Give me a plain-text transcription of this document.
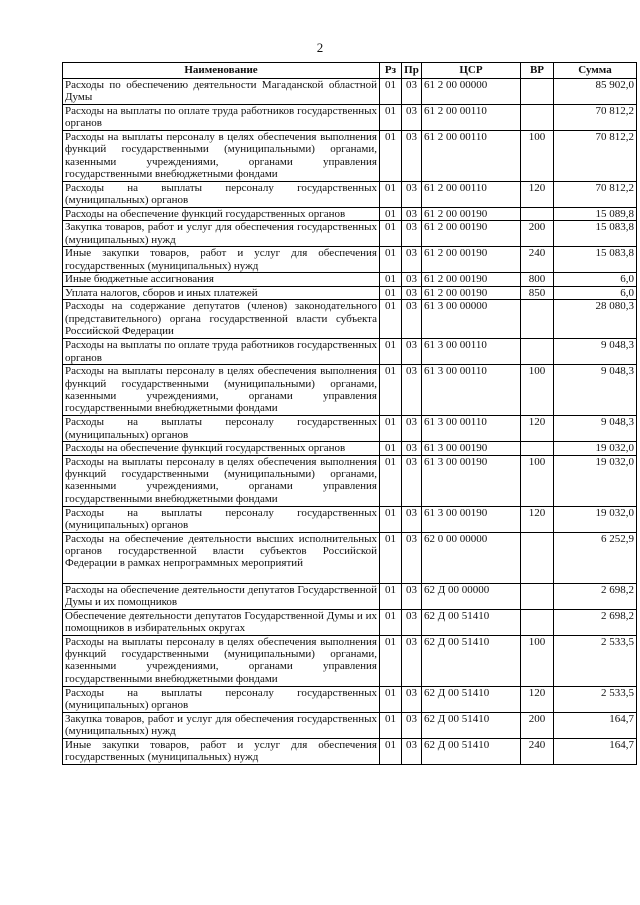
2
Наименование	Рз	Пр	ЦСР	ВР	Сумма
Расходы по обеспечению деятельности Магаданской областной Думы	01	03	61 2 00 00000		85 902,0
Расходы на выплаты по оплате труда работников государственных органов	01	03	61 2 00 00110		70 812,2
Расходы на выплаты персоналу в целях обеспечения выполнения функций государственными (муниципальными) органами, казенными учреждениями, органами управления государственными внебюджетными фондами	01	03	61 2 00 00110	100	70 812,2
Расходы на выплаты персоналу государственных (муниципальных) органов	01	03	61 2 00 00110	120	70 812,2
Расходы на обеспечение функций государственных органов	01	03	61 2 00 00190		15 089,8
Закупка товаров, работ и услуг для обеспечения государственных (муниципальных) нужд	01	03	61 2 00 00190	200	15 083,8
Иные закупки товаров, работ и услуг для обеспечения государственных (муниципальных) нужд	01	03	61 2 00 00190	240	15 083,8
Иные бюджетные ассигнования	01	03	61 2 00 00190	800	6,0
Уплата налогов, сборов и иных платежей	01	03	61 2 00 00190	850	6,0
Расходы на содержание депутатов (членов) законодательного (представительного) органа государственной власти субъекта Российской Федерации	01	03	61 3 00 00000		28 080,3
Расходы на выплаты по оплате труда работников государственных органов	01	03	61 3 00 00110		9 048,3
Расходы на выплаты персоналу в целях обеспечения выполнения функций государственными (муниципальными) органами, казенными учреждениями, органами управления государственными внебюджетными фондами	01	03	61 3 00 00110	100	9 048,3
Расходы на выплаты персоналу государственных (муниципальных) органов	01	03	61 3 00 00110	120	9 048,3
Расходы на обеспечение функций государственных органов	01	03	61 3 00 00190		19 032,0
Расходы на выплаты персоналу в целях обеспечения выполнения функций государственными (муниципальными) органами, казенными учреждениями, органами управления государственными внебюджетными фондами	01	03	61 3 00 00190	100	19 032,0
Расходы на выплаты персоналу государственных (муниципальных) органов	01	03	61 3 00 00190	120	19 032,0
Расходы на обеспечение деятельности высших исполнительных органов государственной власти субъектов Российской Федерации в рамках непрограммных мероприятий	01	03	62 0 00 00000		6 252,9
Расходы на обеспечение деятельности депутатов Государственной Думы и их помощников	01	03	62 Д 00 00000		2 698,2
Обеспечение деятельности депутатов Государственной Думы и их помощников в избирательных округах	01	03	62 Д 00 51410		2 698,2
Расходы на выплаты персоналу в целях обеспечения выполнения функций государственными (муниципальными) органами, казенными учреждениями, органами управления государственными внебюджетными фондами	01	03	62 Д 00 51410	100	2 533,5
Расходы на выплаты персоналу государственных (муниципальных) органов	01	03	62 Д 00 51410	120	2 533,5
Закупка товаров, работ и услуг для обеспечения государственных (муниципальных) нужд	01	03	62 Д 00 51410	200	164,7
Иные закупки товаров, работ и услуг для обеспечения государственных (муниципальных) нужд	01	03	62 Д 00 51410	240	164,7
